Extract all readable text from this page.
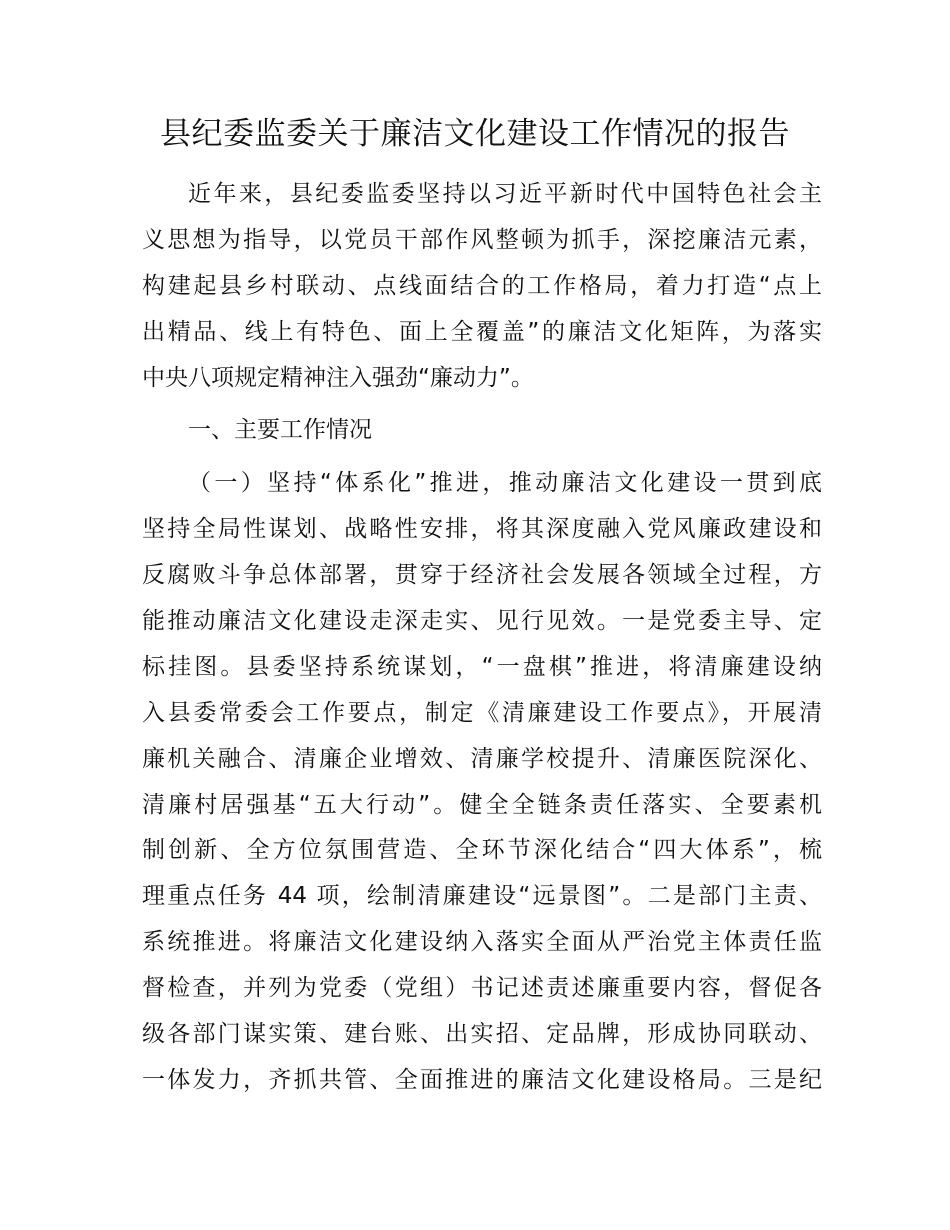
县纪委监委关于廉洁文化建设工作情况的报告
近年来，县纪委监委坚持以习近平新时代中国特色社会主
义思想为指导，以党员干部作风整顿为抓手，深挖廉洁元素，
构建起县乡村联动、点线面结合的工作格局，着力打造“点上
出精品、线上有特色、面上全覆盖”的廉洁文化矩阵，为落实
中央八项规定精神注入强劲“廉动力”。
一、主要工作情况
（一）坚持“体系化”推进，推动廉洁文化建设一贯到底
坚持全局性谋划、战略性安排，将其深度融入党风廉政建设和
反腐败斗争总体部署，贯穿于经济社会发展各领域全过程，方
能推动廉洁文化建设走深走实、见行见效。一是党委主导、定
标挂图。县委坚持系统谋划，“一盘棋”推进，将清廉建设纳
入县委常委会工作要点，制定《清廉建设工作要点》，开展清
廉机关融合、清廉企业增效、清廉学校提升、清廉医院深化、
清廉村居强基“五大行动”。健全全链条责任落实、全要素机
制创新、全方位氛围营造、全环节深化结合“四大体系”，梳
理重点任务 44 项，绘制清廉建设“远景图”。二是部门主责、
系统推进。将廉洁文化建设纳入落实全面从严治党主体责任监
督检查，并列为党委（党组）书记述责述廉重要内容，督促各
级各部门谋实策、建台账、出实招、定品牌，形成协同联动、
一体发力，齐抓共管、全面推进的廉洁文化建设格局。三是纪
